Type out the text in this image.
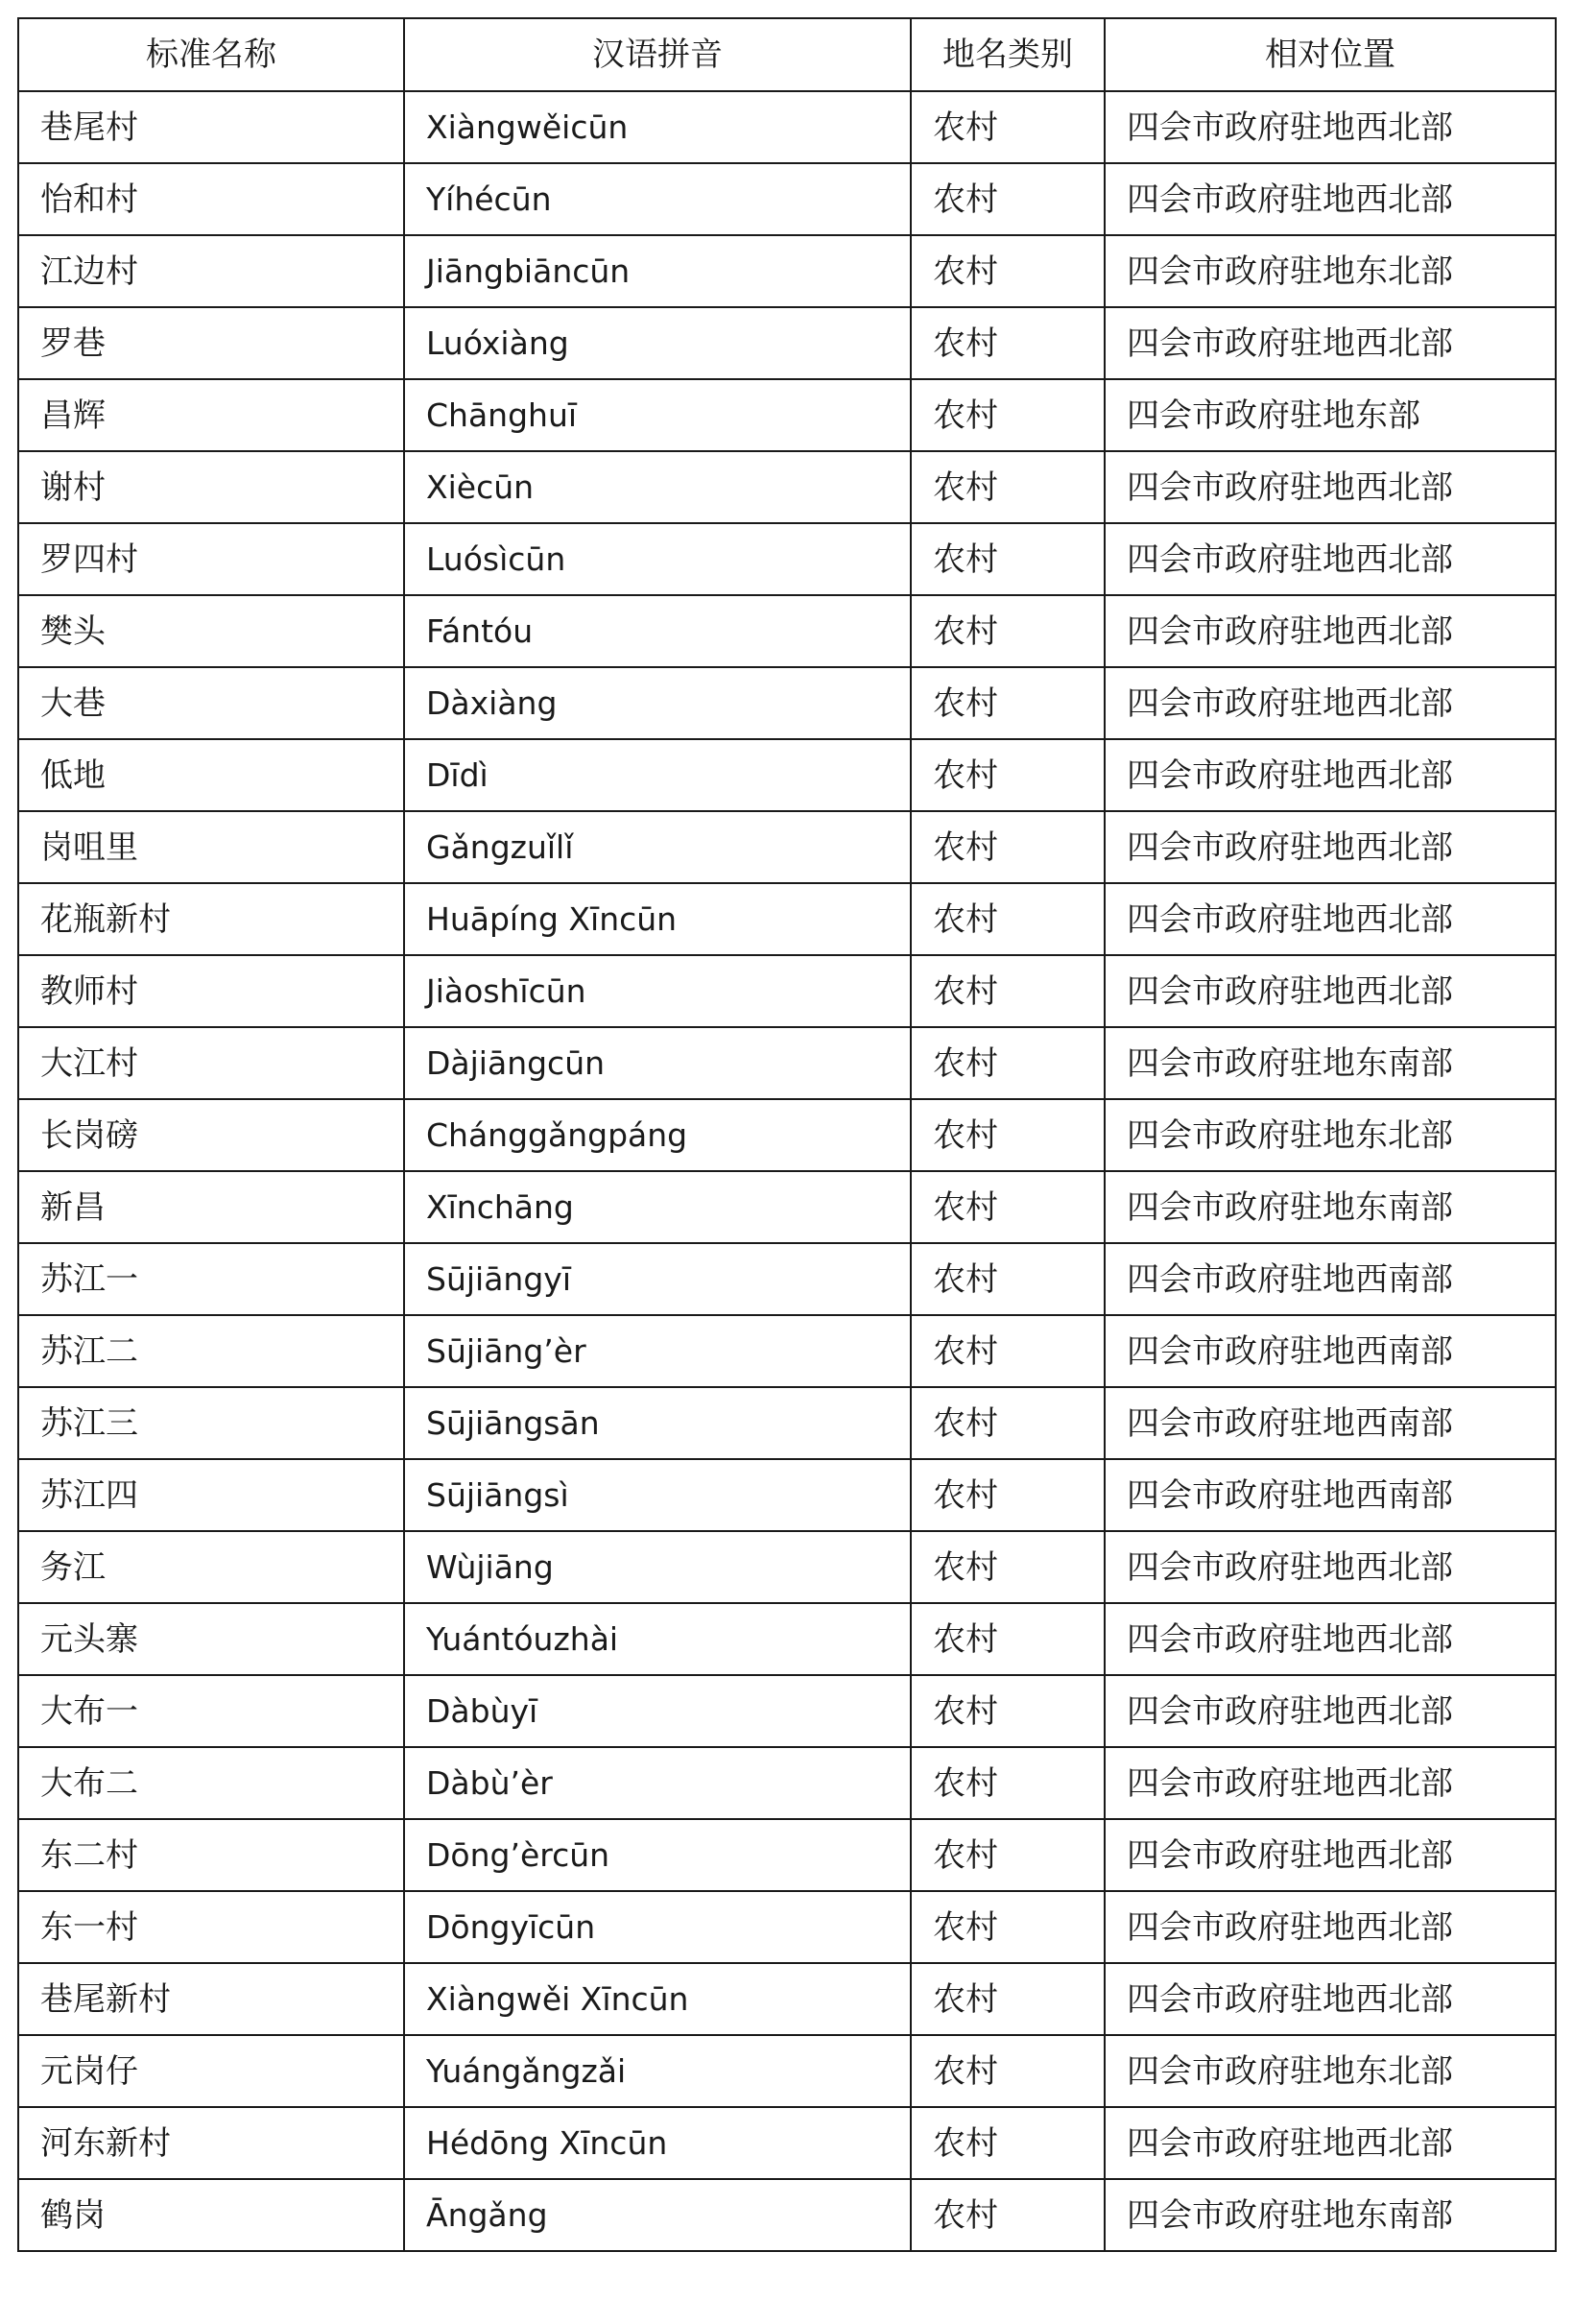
标准名称	汉语拼音	地名类别	相对位置
巷尾村	Xiàngwěicūn	农村	四会市政府驻地西北部
怡和村	Yíhécūn	农村	四会市政府驻地西北部
江边村	Jiāngbiāncūn	农村	四会市政府驻地东北部
罗巷	Luóxiàng	农村	四会市政府驻地西北部
昌辉	Chānghuī	农村	四会市政府驻地东部
谢村	Xiècūn	农村	四会市政府驻地西北部
罗四村	Luósìcūn	农村	四会市政府驻地西北部
樊头	Fántóu	农村	四会市政府驻地西北部
大巷	Dàxiàng	农村	四会市政府驻地西北部
低地	Dīdì	农村	四会市政府驻地西北部
岗咀里	Gǎngzuǐlǐ	农村	四会市政府驻地西北部
花瓶新村	Huāpíng Xīncūn	农村	四会市政府驻地西北部
教师村	Jiàoshīcūn	农村	四会市政府驻地西北部
大江村	Dàjiāngcūn	农村	四会市政府驻地东南部
长岗磅	Chánggǎngpáng	农村	四会市政府驻地东北部
新昌	Xīnchāng	农村	四会市政府驻地东南部
苏江一	Sūjiāngyī	农村	四会市政府驻地西南部
苏江二	Sūjiāng’èr	农村	四会市政府驻地西南部
苏江三	Sūjiāngsān	农村	四会市政府驻地西南部
苏江四	Sūjiāngsì	农村	四会市政府驻地西南部
务江	Wùjiāng	农村	四会市政府驻地西北部
元头寨	Yuántóuzhài	农村	四会市政府驻地西北部
大布一	Dàbùyī	农村	四会市政府驻地西北部
大布二	Dàbù’èr	农村	四会市政府驻地西北部
东二村	Dōng’èrcūn	农村	四会市政府驻地西北部
东一村	Dōngyīcūn	农村	四会市政府驻地西北部
巷尾新村	Xiàngwěi Xīncūn	农村	四会市政府驻地西北部
元岗仔	Yuángǎngzǎi	农村	四会市政府驻地东北部
河东新村	Hédōng Xīncūn	农村	四会市政府驻地西北部
鹤岗	Āngǎng	农村	四会市政府驻地东南部
